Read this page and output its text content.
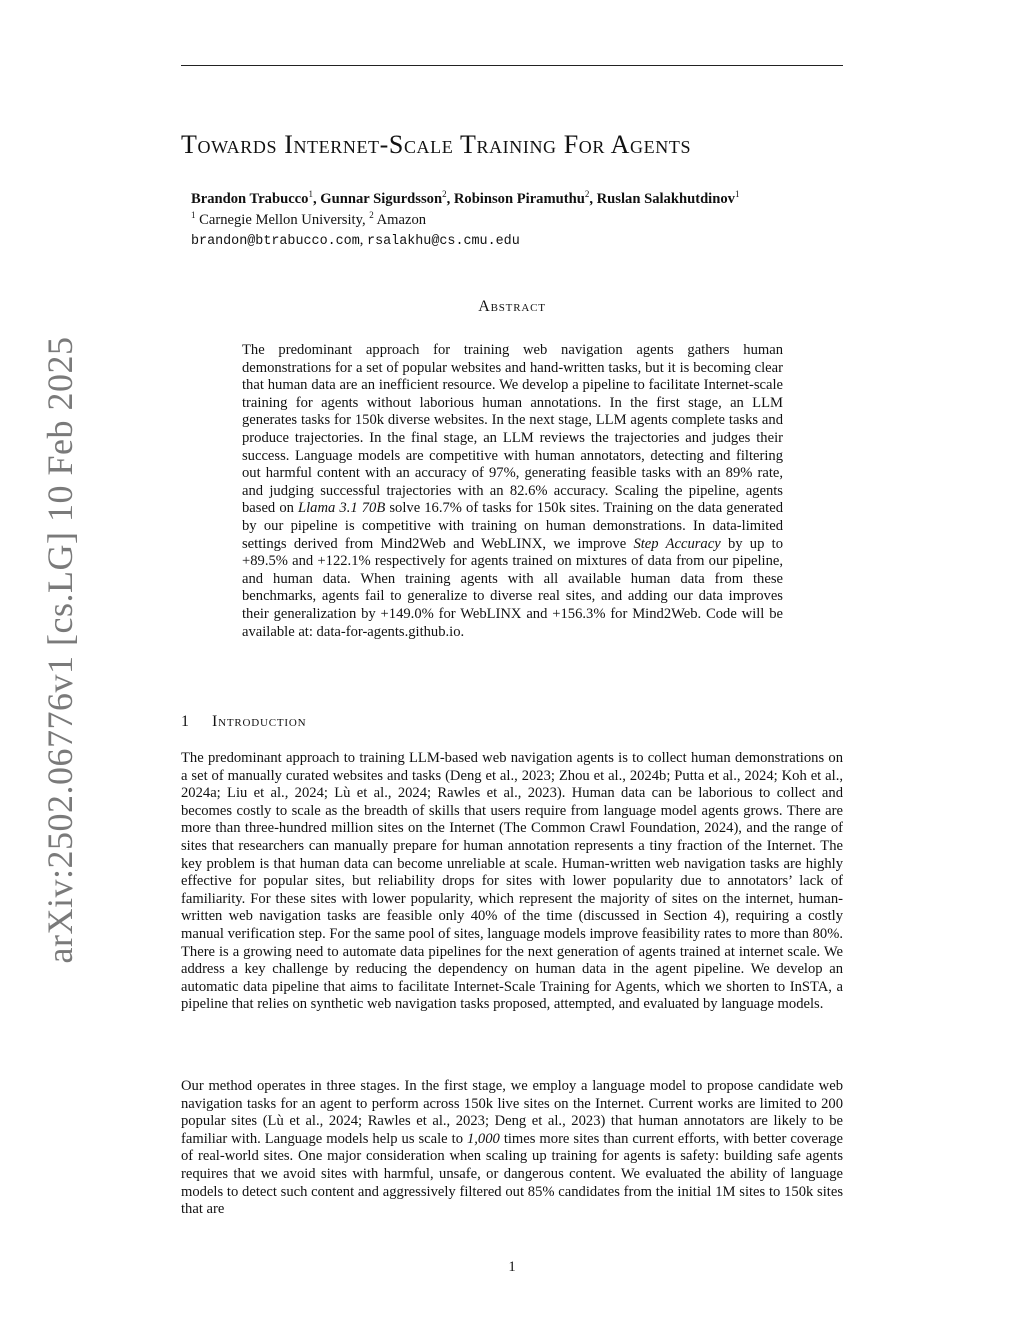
arXiv:2502.06776v1 [cs.LG] 10 Feb 2025
Towards Internet-Scale Training For Agents
Brandon Trabucco$^1$, Gunnar Sigurdsson$^2$, Robinson Piramuthu$^2$, Ruslan Salakhutdinov$^1$
$^1$ Carnegie Mellon University, $^2$ Amazon
brandon@btrabucco.com, rsalakhu@cs.cmu.edu
Abstract

The predominant approach for training web navigation agents gathers human demonstrations for a set of popular websites and hand-written tasks, but it is becoming clear that human data are an inefficient resource. We develop a pipeline to facilitate Internet-scale training for agents without laborious human annotations. In the first stage, an LLM generates tasks for 150k diverse websites. In the next stage, LLM agents complete tasks and produce trajectories. In the final stage, an LLM reviews the trajectories and judges their success. Language models are competitive with human annotators, detecting and filtering out harmful content with an accuracy of 97%, generating feasible tasks with an 89% rate, and judging successful trajectories with an 82.6% accuracy. Scaling the pipeline, agents based on Llama 3.1 70B solve 16.7% of tasks for 150k sites. Training on the data generated by our pipeline is competitive with training on human demonstrations. In data-limited settings derived from Mind2Web and WebLINX, we improve Step Accuracy by up to +89.5% and +122.1% respectively for agents trained on mixtures of data from our pipeline, and human data. When training agents with all available human data from these benchmarks, agents fail to generalize to diverse real sites, and adding our data improves their generalization by +149.0% for WebLINX and +156.3% for Mind2Web. Code will be available at: data-for-agents.github.io.

1 Introduction

The predominant approach to training LLM-based web navigation agents is to collect human demonstrations on a set of manually curated websites and tasks (Deng et al., 2023; Zhou et al., 2024b; Putta et al., 2024; Koh et al., 2024a; Liu et al., 2024; Lù et al., 2024; Rawles et al., 2023). Human data can be laborious to collect and becomes costly to scale as the breadth of skills that users require from language model agents grows. There are more than three-hundred million sites on the Internet (The Common Crawl Foundation, 2024), and the range of sites that researchers can manually prepare for human annotation represents a tiny fraction of the Internet. The key problem is that human data can become unreliable at scale. Human-written web navigation tasks are highly effective for popular sites, but reliability drops for sites with lower popularity due to annotators’ lack of familiarity. For these sites with lower popularity, which represent the majority of sites on the internet, human-written web navigation tasks are feasible only 40% of the time (discussed in Section 4), requiring a costly manual verification step. For the same pool of sites, language models improve feasibility rates to more than 80%. There is a growing need to automate data pipelines for the next generation of agents trained at internet scale. We address a key challenge by reducing the dependency on human data in the agent pipeline. We develop an automatic data pipeline that aims to facilitate Internet-Scale Training for Agents, which we shorten to InSTA, a pipeline that relies on synthetic web navigation tasks proposed, attempted, and evaluated by language models.

Our method operates in three stages. In the first stage, we employ a language model to propose candidate web navigation tasks for an agent to perform across 150k live sites on the Internet. Current works are limited to 200 popular sites (Lù et al., 2024; Rawles et al., 2023; Deng et al., 2023) that human annotators are likely to be familiar with. Language models help us scale to 1,000 times more sites than current efforts, with better coverage of real-world sites. One major consideration when scaling up training for agents is safety: building safe agents requires that we avoid sites with harmful, unsafe, or dangerous content. We evaluated the ability of language models to detect such content and aggressively filtered out 85% candidates from the initial 1M sites to 150k sites that are

1
